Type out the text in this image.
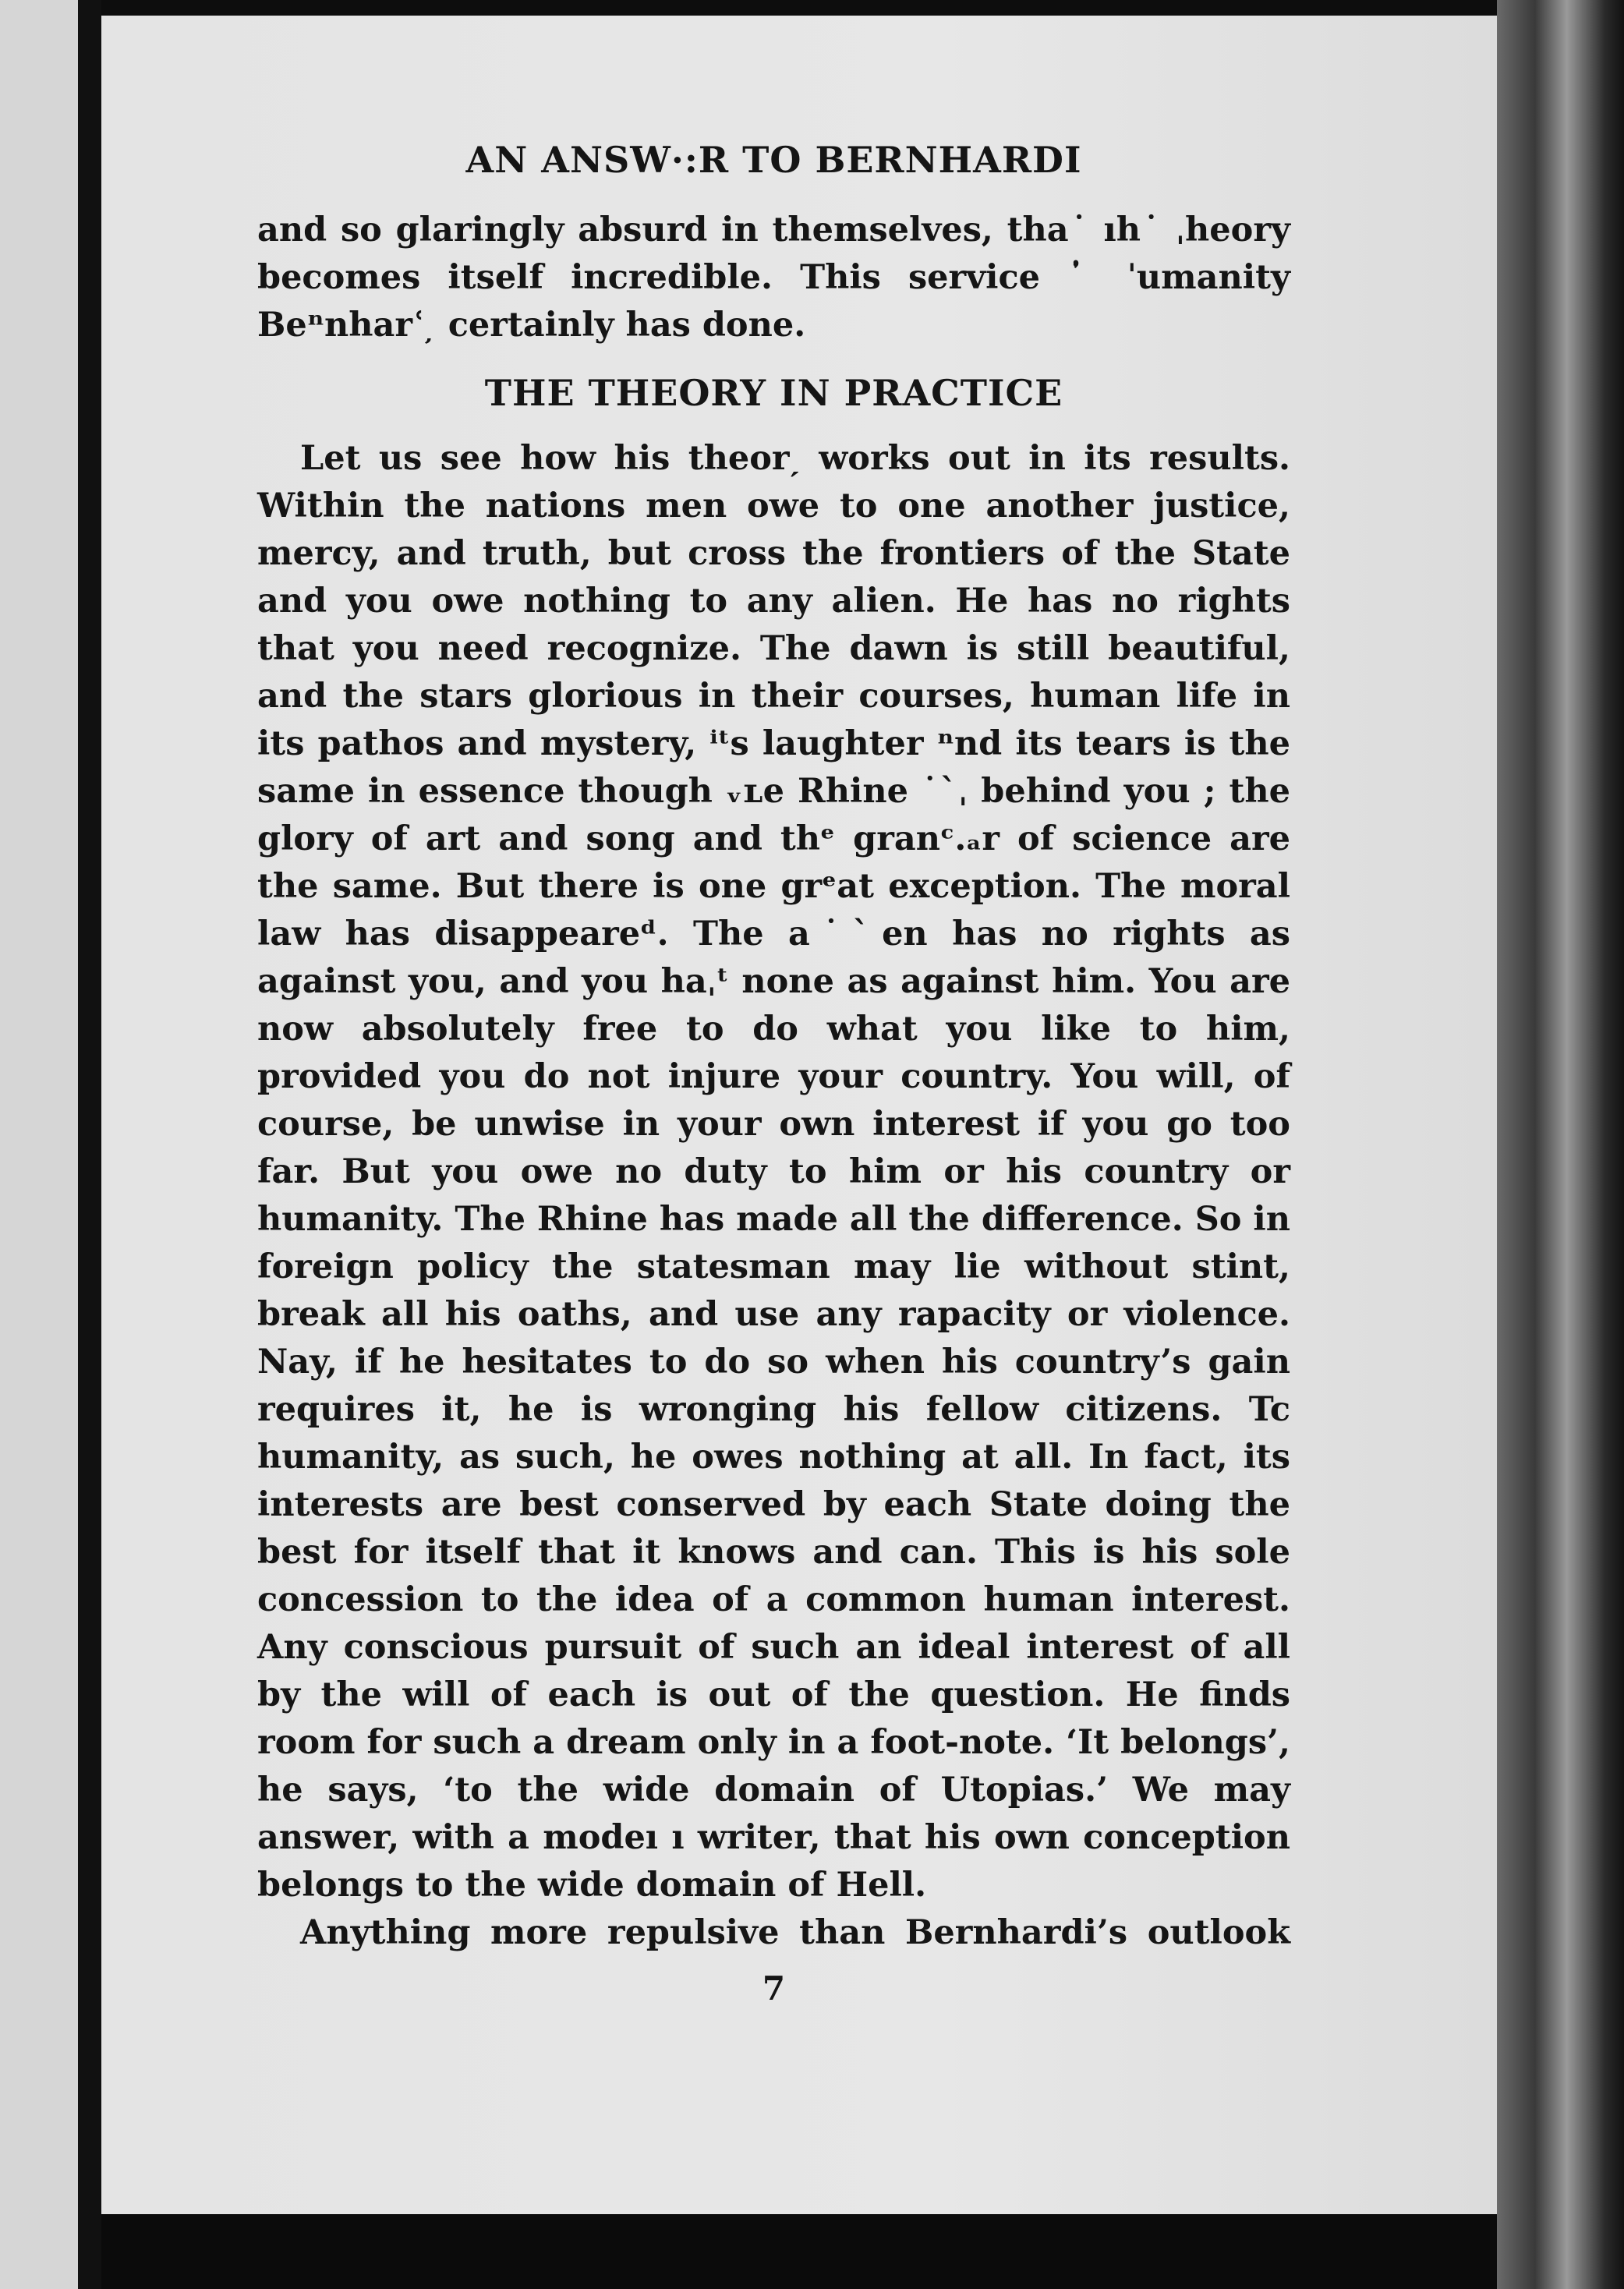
AN ANSW·:R TO BERNHARDI

and so glaringly absurd in themselves, tha˙ ıh˙ ˌheory becomes itself incredible. This service ˙̓ ˈumanity Beⁿnharʿ ̦ certainly has done.

THE THEORY IN PRACTICE

Let us see how his theorˏ works out in its results. Within the nations men owe to one another justice, mercy, and truth, but cross the frontiers of the State and you owe nothing to any alien. He has no rights that you need recognize. The dawn is still beautiful, and the stars glorious in their courses, human life in its pathos and mystery, ⁱᵗs laughter ⁿnd its tears is the same in essence though ᵥʟe Rhine ˙ˋˌ behind you ; the glory of art and song and thᵉ granᶜ.ₐr of science are the same. But there is one grᵉat exception. The moral law has disappeareᵈ. The a˙ˋen has no rights as against you, and you haˌᵗ none as against him. You are now absolutely free to do what you like to him, provided you do not injure your country. You will, of course, be unwise in your own interest if you go too far. But you owe no duty to him or his country or humanity. The Rhine has made all the difference. So in foreign policy the statesman may lie without stint, break all his oaths, and use any rapacity or violence. Nay, if he hesitates to do so when his country’s gain requires it, he is wronging his fellow citizens. Tc humanity, as such, he owes nothing at all. In fact, its interests are best conserved by each State doing the best for itself that it knows and can. This is his sole concession to the idea of a common human interest. Any conscious pursuit of such an ideal interest of all by the will of each is out of the question. He finds room for such a dream only in a foot-note. ‘It belongs’, he says, ‘to the wide domain of Utopias.’ We may answer, with a modeı ı writer, that his own conception belongs to the wide domain of Hell.

Anything more repulsive than Bernhardi’s outlook

7
